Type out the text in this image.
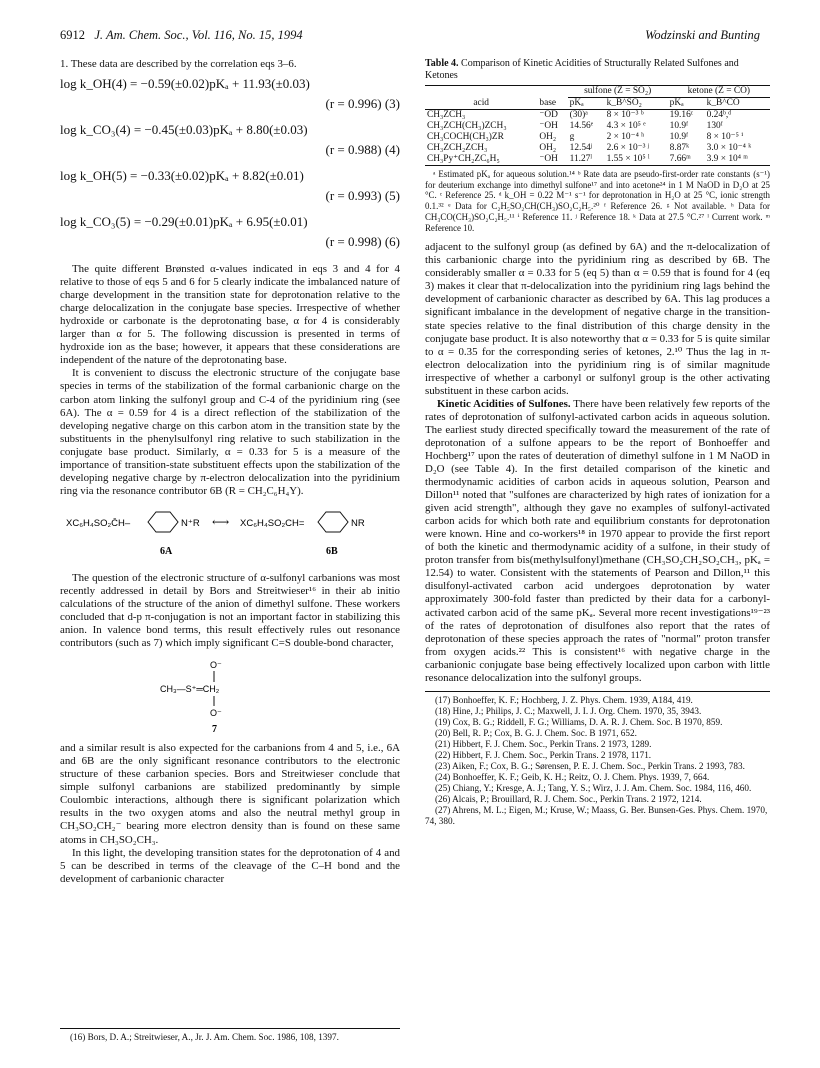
6912 J. Am. Chem. Soc., Vol. 116, No. 15, 1994	Wodzinski and Bunting

1. These data are described by the correlation eqs 3–6.

log k_OH(4) = −0.59(±0.02)pKₐ + 11.93(±0.03)
(r = 0.996) (3)
log k_CO₃(4) = −0.45(±0.03)pKₐ + 8.80(±0.03)
(r = 0.988) (4)
log k_OH(5) = −0.33(±0.02)pKₐ + 8.82(±0.01)
(r = 0.993) (5)
log k_CO₃(5) = −0.29(±0.01)pKₐ + 6.95(±0.01)
(r = 0.998) (6)

The quite different Brønsted α-values indicated in eqs 3 and 4 for 4 relative to those of eqs 5 and 6 for 5 clearly indicate the imbalanced nature of charge development in the transition state for deprotonation relative to the charge delocalization in the conjugate base species. Irrespective of whether hydroxide or carbonate is the deprotonating base, α for 4 is considerably larger than α for 5. The following discussion is presented in terms of hydroxide ion as the base; however, it appears that these considerations are independent of the nature of the deprotonating base.

It is convenient to discuss the electronic structure of the conjugate base species in terms of the stabilization of the formal carbanionic charge on the carbon atom linking the sulfonyl group and C-4 of the pyridinium ring (see 6A). The α = 0.59 for 4 is a direct reflection of the stabilization of the developing negative charge on this carbon atom in the transition state by the substituents in the phenylsulfonyl ring relative to such stabilization in the conjugate base product. Similarly, α = 0.33 for 5 is a measure of the importance of transition-state substituent effects upon the stabilization of the developing negative charge by π-electron delocalization into the pyridinium ring via the resonance contributor 6B (R = CH₂C₆H₄Y).

XC₆H₄SO₂C̄H–	N⁺R ⟷ XC₆H₄SO₂CH=	NR
6A	6B

The question of the electronic structure of α-sulfonyl carbanions was most recently addressed in detail by Bors and Streitwieser¹⁶ in their ab initio calculations of the structure of the anion of dimethyl sulfone. These workers concluded that d-p π-conjugation is not an important factor in stabilizing this anion. In valence bond terms, this result effectively rules out resonance contributors (such as 7) which imply significant C=S double-bond character,

O⁻
CH₃—S⁺═CH₂
O⁻
7

and a similar result is also expected for the carbanions from 4 and 5, i.e., 6A and 6B are the only significant resonance contributors to the electronic structure of these carbanion species. Bors and Streitwieser conclude that simple sulfonyl carbanions are stabilized predominantly by simple Coulombic interactions, although there is significant polarization which results in the two oxygen atoms and also the neutral methyl group in CH₃SO₂CH₂⁻ bearing more electron density than is found on these same atoms in CH₃SO₂CH₃.

In this light, the developing transition states for the deprotonation of 4 and 5 can be described in terms of the cleavage of the C–H bond and the development of carbanionic character

(16) Bors, D. A.; Streitwieser, A., Jr. J. Am. Chem. Soc. 1986, 108, 1397.
Table 4. Comparison of Kinetic Acidities of Structurally Related Sulfones and Ketones
		sulfone (Z = SO₂)		ketone (Z = CO)	
acid	base	pKₐ	k_B^SO₂	pKₐ	k_B^CO
CH₃ZCH₃	⁻OD	(30)ᵃ	8 × 10⁻³ ᵇ	19.16ᶜ	0.24ᵇ,ᵈ
CH₃ZCH(CH₃)ZCH₃	⁻OH	14.56ᵉ	4.3 × 10⁵ ᵉ	10.9ᶠ	130ᶠ
CH₃COCH(CH₃)ZR	OH₂	g	2 × 10⁻⁴ ʰ	10.9ᶠ	8 × 10⁻⁵ ⁱ
CH₃ZCH₂ZCH₃	OH₂	12.54ʲ	2.6 × 10⁻³ ʲ	8.87ᵏ	3.0 × 10⁻⁴ ᵏ
CH₃Py⁺CH₂ZC₆H₅	⁻OH	11.27ˡ	1.55 × 10⁵ ˡ	7.66ᵐ	3.9 × 10⁴ ᵐ
ᵃ Estimated pKₐ for aqueous solution.¹⁴ ᵇ Rate data are pseudo-first-order rate constants (s⁻¹) for deuterium exchange into dimethyl sulfone¹⁷ and into acetone²⁴ in 1 M NaOD in D₂O at 25 °C. ᶜ Reference 25. ᵈ k_OH = 0.22 M⁻¹ s⁻¹ for deprotonation in H₂O at 25 °C, ionic strength 0.1.³² ᵉ Data for C₂H₅SO₂CH(CH₃)SO₂C₂H₅.²⁰ ᶠ Reference 26. ᵍ Not available. ʰ Data for CH₃CO(CH₃)SO₂C₂H₅.¹¹ ⁱ Reference 11. ʲ Reference 18. ᵏ Data at 27.5 °C.²⁷ ˡ Current work. ᵐ Reference 10.

adjacent to the sulfonyl group (as defined by 6A) and the π-delocalization of this carbanionic charge into the pyridinium ring as described by 6B. The considerably smaller α = 0.33 for 5 (eq 5) than α = 0.59 that is found for 4 (eq 3) makes it clear that π-delocalization into the pyridinium ring lags behind the development of carbanionic character as described by 6A. This lag produces a significant imbalance in the development of negative charge in the transition-state species relative to the final distribution of this charge density in the conjugate base product. It is also noteworthy that α = 0.33 for 5 is quite similar to α = 0.35 for the corresponding series of ketones, 2.¹⁰ Thus the lag in π-electron delocalization into the pyridinium ring is of similar magnitude irrespective of whether a carbonyl or sulfonyl group is the other activating substituent in these carbon acids.

Kinetic Acidities of Sulfones. There have been relatively few reports of the rates of deprotonation of sulfonyl-activated carbon acids in aqueous solution. The earliest study directed specifically toward the measurement of the rate of deprotonation of a sulfone appears to be the report of Bonhoeffer and Hochberg¹⁷ upon the rates of deuteration of dimethyl sulfone in 1 M NaOD in D₂O (see Table 4). In the first detailed comparison of the kinetic and thermodynamic acidities of carbon acids in aqueous solution, Pearson and Dillon¹¹ noted that "sulfones are characterized by high rates of ionization for a given acid strength", although they gave no examples of sulfonyl-activated carbon acids for which both rate and equilibrium constants for deprotonation were known. Hine and co-workers¹⁸ in 1970 appear to provide the first report of both the kinetic and thermodynamic acidity of a sulfone, in their study of proton transfer from bis(methylsulfonyl)methane (CH₃SO₂CH₂SO₂CH₃, pKₐ = 12.54) to water. Consistent with the statements of Pearson and Dillon,¹¹ this disulfonyl-activated carbon acid undergoes deprotonation by water approximately 300-fold faster than predicted by their data for a carbonyl-activated carbon acid of the same pKₐ. Several more recent investigations¹⁹⁻²³ of the rates of deprotonation of disulfones also report that the rates of deprotonation of these species approach the rates of "normal" proton transfer from oxygen acids.²² This is consistent¹⁶ with negative charge in the carbanionic conjugate base being effectively localized upon carbon with little resonance delocalization into the sulfonyl groups.

(17) Bonhoeffer, K. F.; Hochberg, J. Z. Phys. Chem. 1939, A184, 419.
(18) Hine, J.; Philips, J. C.; Maxwell, J. I. J. Org. Chem. 1970, 35, 3943.
(19) Cox, B. G.; Riddell, F. G.; Williams, D. A. R. J. Chem. Soc. B 1970, 859.
(20) Bell, R. P.; Cox, B. G. J. Chem. Soc. B 1971, 652.
(21) Hibbert, F. J. Chem. Soc., Perkin Trans. 2 1973, 1289.
(22) Hibbert, F. J. Chem. Soc., Perkin Trans. 2 1978, 1171.
(23) Aiken, F.; Cox, B. G.; Sørensen, P. E. J. Chem. Soc., Perkin Trans. 2 1993, 783.
(24) Bonhoeffer, K. F.; Geib, K. H.; Reitz, O. J. Chem. Phys. 1939, 7, 664.
(25) Chiang, Y.; Kresge, A. J.; Tang, Y. S.; Wirz, J. J. Am. Chem. Soc. 1984, 116, 460.
(26) Alcais, P.; Brouillard, R. J. Chem. Soc., Perkin Trans. 2 1972, 1214.
(27) Ahrens, M. L.; Eigen, M.; Kruse, W.; Maass, G. Ber. Bunsen-Ges. Phys. Chem. 1970, 74, 380.
